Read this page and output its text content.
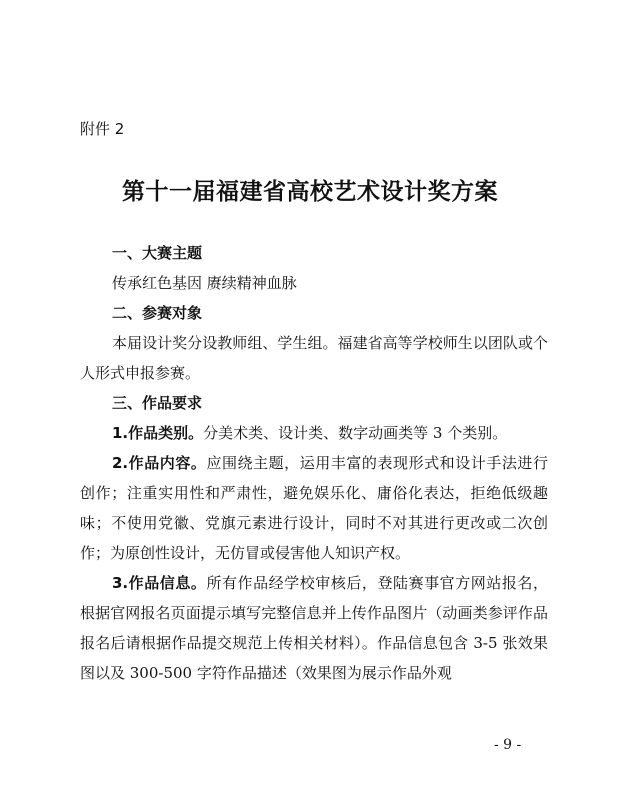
附件 2
第十一届福建省高校艺术设计奖方案
一、大赛主题
传承红色基因 赓续精神血脉
二、参赛对象
本届设计奖分设教师组、学生组。福建省高等学校师生以团队或个人形式申报参赛。
三、作品要求
1.作品类别。分美术类、设计类、数字动画类等 3 个类别。
2.作品内容。应围绕主题，运用丰富的表现形式和设计手法进行创作；注重实用性和严肃性，避免娱乐化、庸俗化表达，拒绝低级趣味；不使用党徽、党旗元素进行设计，同时不对其进行更改或二次创作；为原创性设计，无仿冒或侵害他人知识产权。
3.作品信息。所有作品经学校审核后，登陆赛事官方网站报名，根据官网报名页面提示填写完整信息并上传作品图片（动画类参评作品报名后请根据作品提交规范上传相关材料）。作品信息包含 3-5 张效果图以及 300-500 字符作品描述（效果图为展示作品外观
- 9 -
